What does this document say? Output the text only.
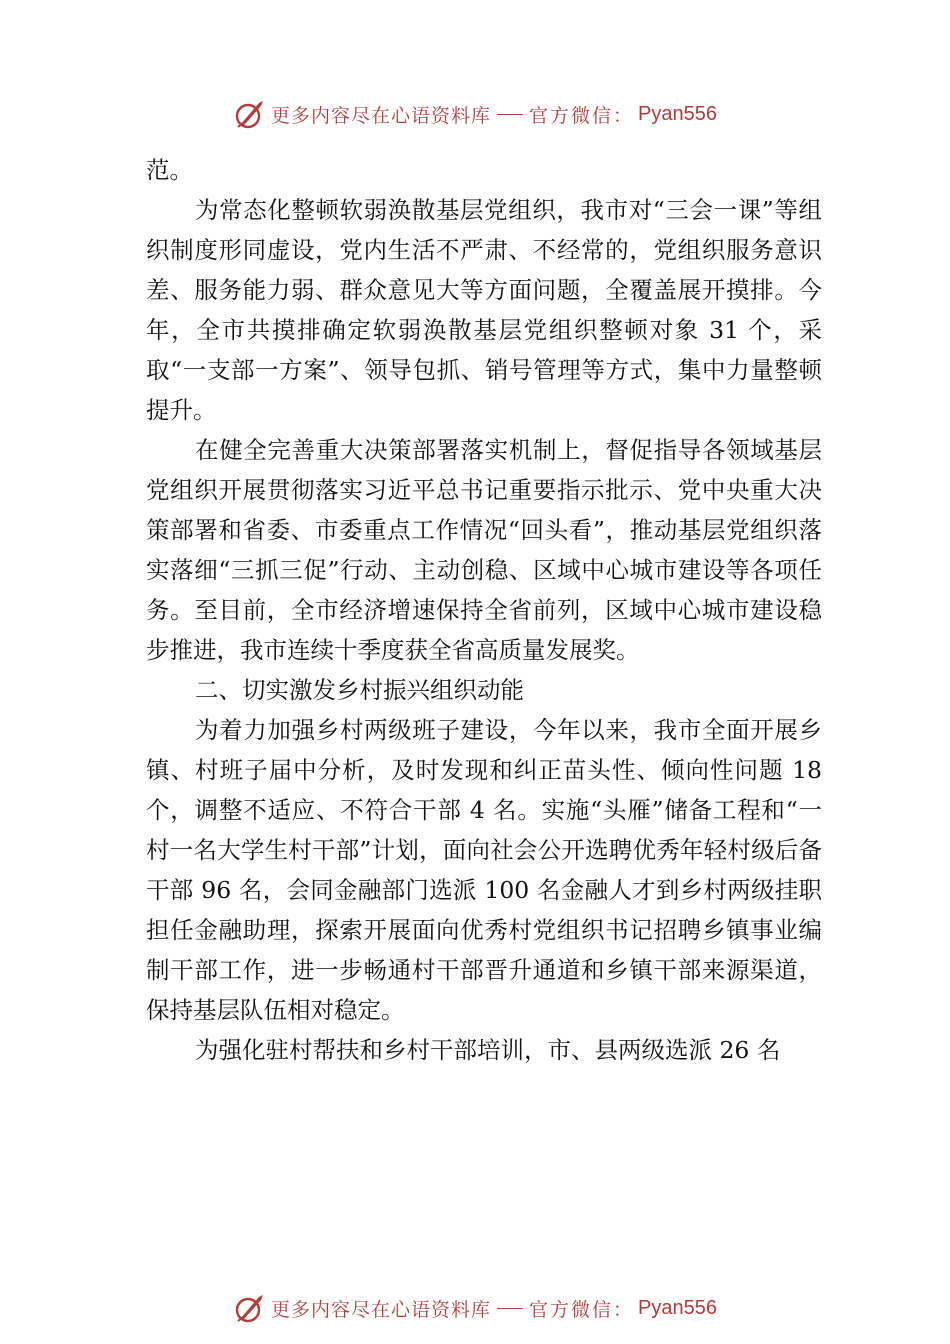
更多内容尽在心语资料库 官方微信： Pyan556

范。

为常态化整顿软弱涣散基层党组织，我市对“三会一课”等组织制度形同虚设，党内生活不严肃、不经常的，党组织服务意识差、服务能力弱、群众意见大等方面问题，全覆盖展开摸排。今年，全市共摸排确定软弱涣散基层党组织整顿对象 31 个，采取“一支部一方案”、领导包抓、销号管理等方式，集中力量整顿提升。

在健全完善重大决策部署落实机制上，督促指导各领域基层党组织开展贯彻落实习近平总书记重要指示批示、党中央重大决策部署和省委、市委重点工作情况“回头看”，推动基层党组织落实落细“三抓三促”行动、主动创稳、区域中心城市建设等各项任务。至目前，全市经济增速保持全省前列，区域中心城市建设稳步推进，我市连续十季度获全省高质量发展奖。

二、切实激发乡村振兴组织动能

为着力加强乡村两级班子建设，今年以来，我市全面开展乡镇、村班子届中分析，及时发现和纠正苗头性、倾向性问题 18 个，调整不适应、不符合干部 4 名。实施“头雁”储备工程和“一村一名大学生村干部”计划，面向社会公开选聘优秀年轻村级后备干部 96 名，会同金融部门选派 100 名金融人才到乡村两级挂职担任金融助理，探索开展面向优秀村党组织书记招聘乡镇事业编制干部工作，进一步畅通村干部晋升通道和乡镇干部来源渠道，保持基层队伍相对稳定。

为强化驻村帮扶和乡村干部培训，市、县两级选派 26 名

更多内容尽在心语资料库 官方微信： Pyan556
